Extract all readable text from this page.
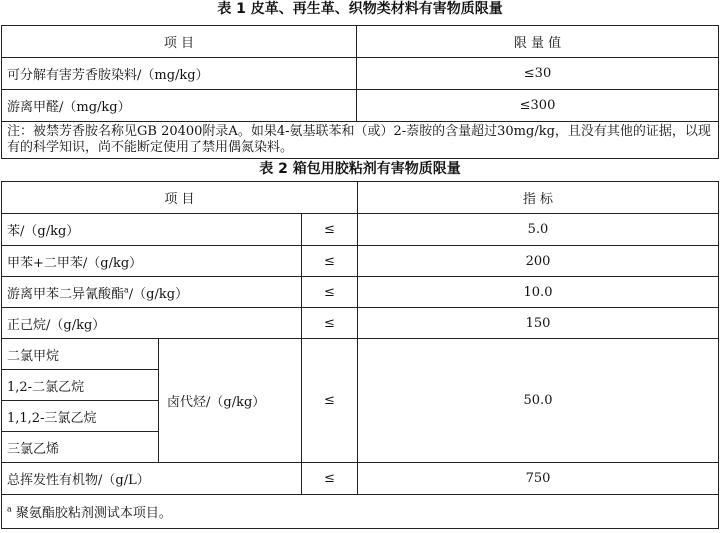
表 1 皮革、再生革、织物类材料有害物质限量
项 目	限 量 值
可分解有害芳香胺染料/（mg/kg）	≤30
游离甲醛/（mg/kg）	≤300
注：被禁芳香胺名称见GB 20400附录A。如果4-氨基联苯和（或）2-萘胺的含量超过30mg/kg，且没有其他的证据，以现有的科学知识，尚不能断定使用了禁用偶氮染料。	
表 2 箱包用胶粘剂有害物质限量
项 目			指 标
苯/（g/kg）		≤	5.0
甲苯+二甲苯/（g/kg）		≤	200
游离甲苯二异氰酸酯$^a$/（g/kg）		≤	10.0
正己烷/（g/kg）		≤	150
二氯甲烷	卤代烃/（g/kg）	≤	50.0
1,2-二氯乙烷			
1,1,2-三氯乙烷			
三氯乙烯			
总挥发性有机物/（g/L）		≤	750
$^a$ 聚氨酯胶粘剂测试本项目。			
